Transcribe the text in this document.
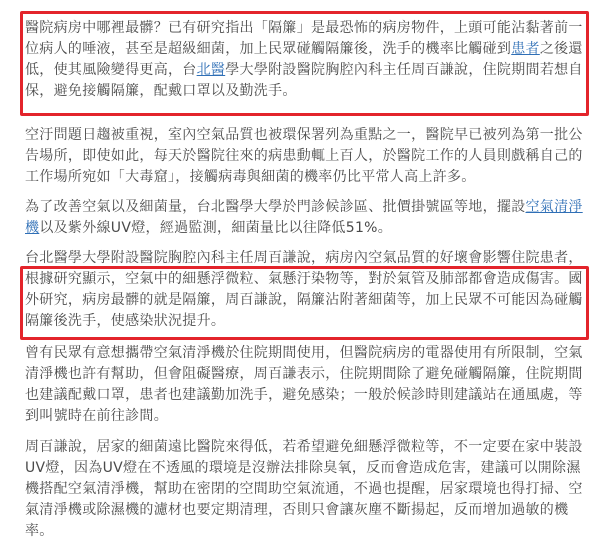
醫院病房中哪裡最髒？已有研究指出「隔簾」是最恐怖的病房物件，上頭可能沾黏著前一
位病人的唾液，甚至是超級細菌，加上民眾碰觸隔簾後，洗手的機率比觸碰到患者之後還
低，使其風險變得更高，台北醫學大學附設醫院胸腔內科主任周百謙說，住院期間若想自
保，避免接觸隔簾，配戴口罩以及勤洗手。

空汙問題日趨被重視，室內空氣品質也被環保署列為重點之一，醫院早已被列為第一批公
告場所，即使如此，每天於醫院往來的病患動輒上百人，於醫院工作的人員則戲稱自己的
工作場所宛如「大毒窟」，接觸病毒與細菌的機率仍比平常人高上許多。

為了改善空氣以及細菌量，台北醫學大學於門診候診區、批價掛號區等地，擺設空氣清淨
機以及紫外線UV燈，經過監測，細菌量比以往降低51%。

台北醫學大學附設醫院胸腔內科主任周百謙說，病房內空氣品質的好壞會影響住院患者，
根據研究顯示，空氣中的細懸浮微粒、氣懸汙染物等，對於氣管及肺部都會造成傷害。國
外研究，病房最髒的就是隔簾，周百謙說，隔簾沾附著細菌等，加上民眾不可能因為碰觸
隔簾後洗手，使感染狀況提升。

曾有民眾有意想攜帶空氣清淨機於住院期間使用，但醫院病房的電器使用有所限制，空氣
清淨機也許有幫助，但會阻礙醫療，周百謙表示，住院期間除了避免碰觸隔簾，住院期間
也建議配戴口罩，患者也建議勤加洗手，避免感染；一般於候診時則建議站在通風處，等
到叫號時在前往診間。

周百謙說，居家的細菌遠比醫院來得低，若希望避免細懸浮微粒等，不一定要在家中裝設
UV燈，因為UV燈在不透風的環境是沒辦法排除臭氧，反而會造成危害，建議可以開除濕
機搭配空氣清淨機，幫助在密閉的空間助空氣流通，不過也提醒，居家環境也得打掃、空
氣清淨機或除濕機的濾材也要定期清理，否則只會讓灰塵不斷揚起，反而增加過敏的機
率。
